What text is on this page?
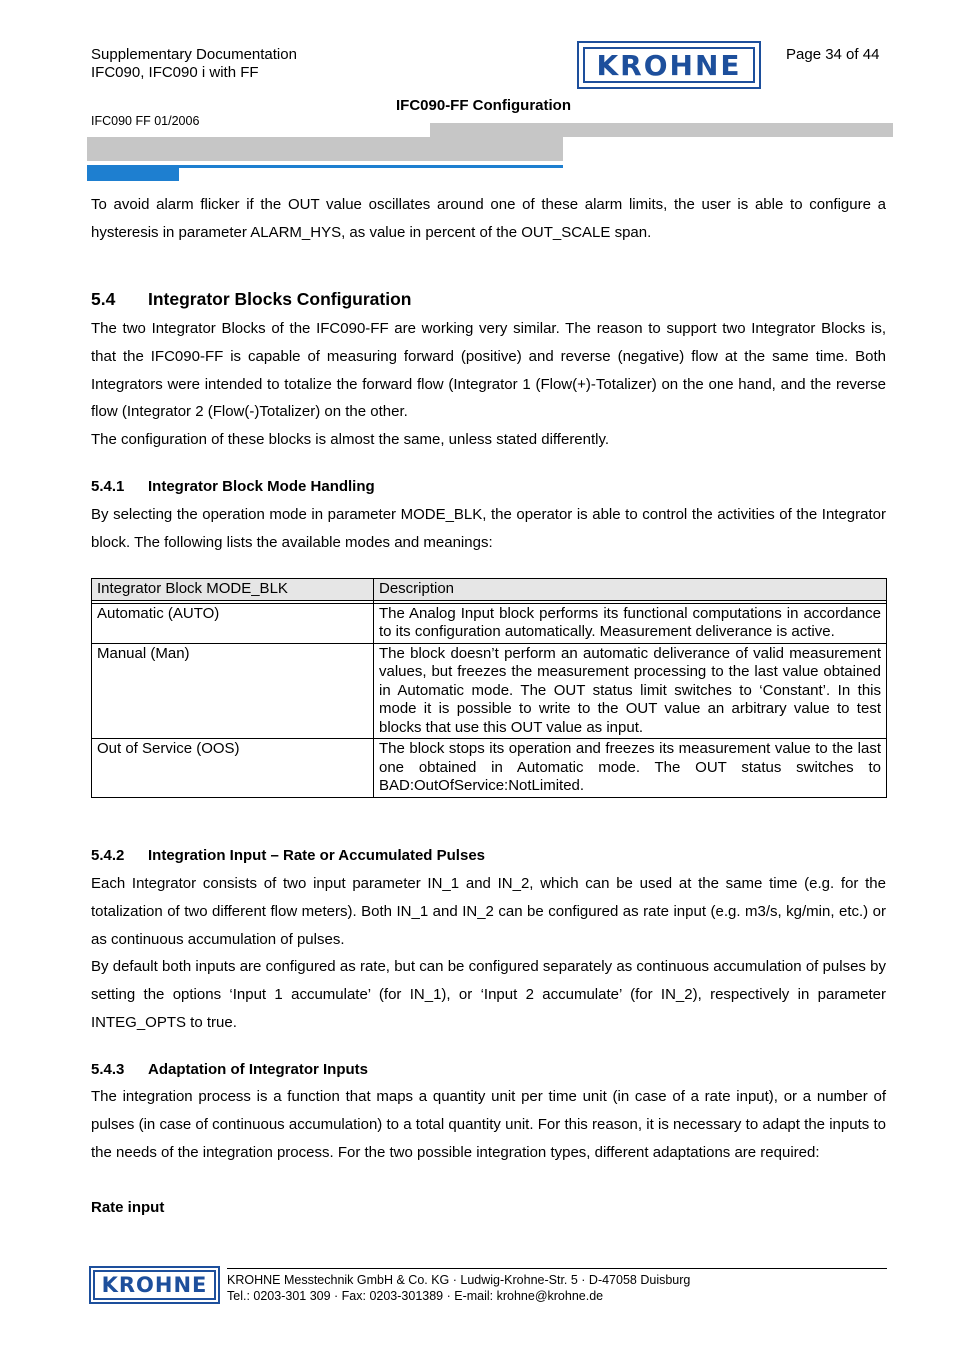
Supplementary Documentation
IFC090, IFC090 i with FF	KROHNE	Page 34 of 44
IFC090-FF Configuration
IFC090 FF 01/2006
To avoid alarm flicker if the OUT value oscillates around one of these alarm limits, the user is able to configure a hysteresis in parameter ALARM_HYS, as value in percent of the OUT_SCALE span.
5.4 Integrator Blocks Configuration
The two Integrator Blocks of the IFC090-FF are working very similar. The reason to support two Integrator Blocks is, that the IFC090-FF is capable of measuring forward (positive) and reverse (negative) flow at the same time. Both Integrators were intended to totalize the forward flow (Integrator 1 (Flow(+)-Totalizer) on the one hand, and the reverse flow (Integrator 2 (Flow(-)Totalizer) on the other.
The configuration of these blocks is almost the same, unless stated differently.
5.4.1 Integrator Block Mode Handling
By selecting the operation mode in parameter MODE_BLK, the operator is able to control the activities of the Integrator block. The following lists the available modes and meanings:
Integrator Block MODE_BLK	Description

Automatic (AUTO)	The Analog Input block performs its functional computations in accordance to its configuration automatically. Measurement deliverance is active.
Manual (Man)	The block doesn’t perform an automatic deliverance of valid measurement values, but freezes the measurement processing to the last value obtained in Automatic mode. The OUT status limit switches to ‘Constant’. In this mode it is possible to write to the OUT value an arbitrary value to test blocks that use this OUT value as input.
Out of Service (OOS)	The block stops its operation and freezes its measurement value to the last one obtained in Automatic mode. The OUT status switches to BAD:OutOfService:NotLimited.
5.4.2 Integration Input – Rate or Accumulated Pulses
Each Integrator consists of two input parameter IN_1 and IN_2, which can be used at the same time (e.g. for the totalization of two different flow meters). Both IN_1 and IN_2 can be configured as rate input (e.g. m3/s, kg/min, etc.) or as continuous accumulation of pulses.
By default both inputs are configured as rate, but can be configured separately as continuous accumulation of pulses by setting the options ‘Input 1 accumulate’ (for IN_1), or ‘Input 2 accumulate’ (for IN_2), respectively in parameter INTEG_OPTS to true.
5.4.3 Adaptation of Integrator Inputs
The integration process is a function that maps a quantity unit per time unit (in case of a rate input), or a number of pulses (in case of continuous accumulation) to a total quantity unit. For this reason, it is necessary to adapt the inputs to the needs of the integration process. For the two possible integration types, different adaptations are required:
Rate input
KROHNE	KROHNE Messtechnik GmbH & Co. KG · Ludwig-Krohne-Str. 5 · D-47058 Duisburg
Tel.: 0203-301 309 · Fax: 0203-301389 · E-mail: krohne@krohne.de
